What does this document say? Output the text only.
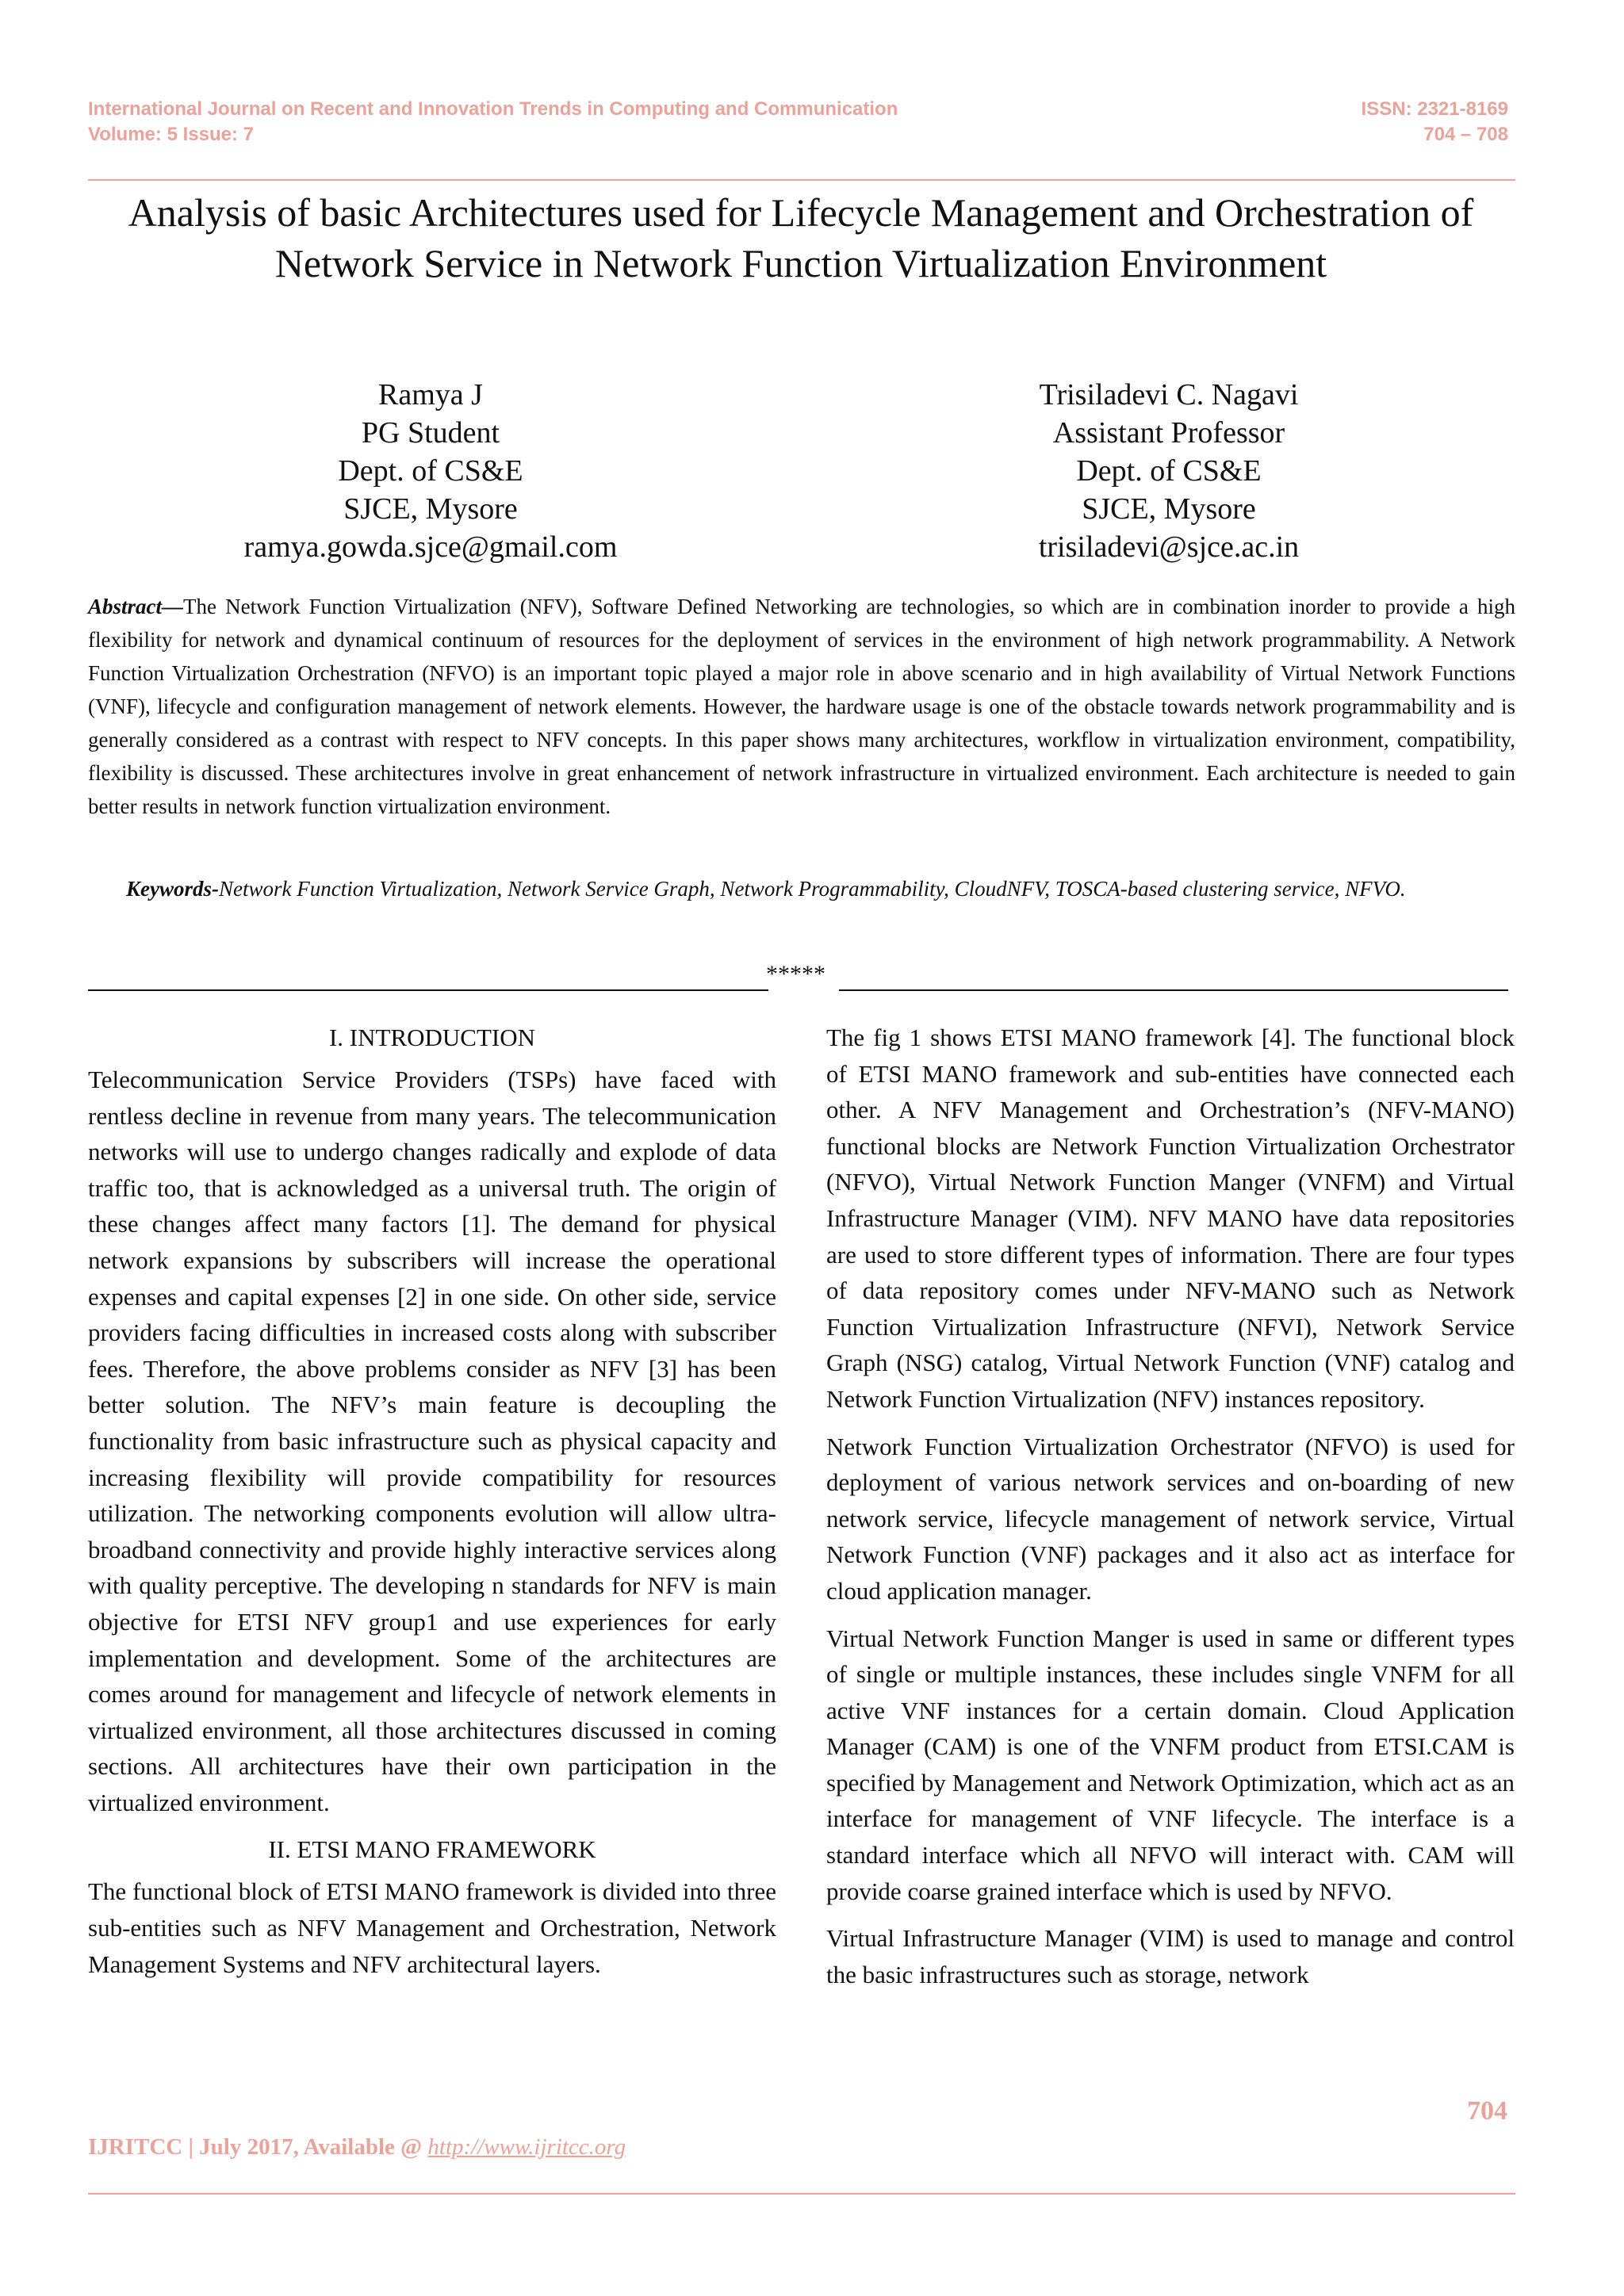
International Journal on Recent and Innovation Trends in Computing and Communication
Volume: 5 Issue: 7
ISSN: 2321-8169
704 – 708
Analysis of basic Architectures used for Lifecycle Management and Orchestration of Network Service in Network Function Virtualization Environment
Ramya J
PG Student
Dept. of CS&E
SJCE, Mysore
ramya.gowda.sjce@gmail.com
Trisiladevi C. Nagavi
Assistant Professor
Dept. of CS&E
SJCE, Mysore
trisiladevi@sjce.ac.in
Abstract—The Network Function Virtualization (NFV), Software Defined Networking are technologies, so which are in combination inorder to provide a high flexibility for network and dynamical continuum of resources for the deployment of services in the environment of high network programmability. A Network Function Virtualization Orchestration (NFVO) is an important topic played a major role in above scenario and in high availability of Virtual Network Functions (VNF), lifecycle and configuration management of network elements. However, the hardware usage is one of the obstacle towards network programmability and is generally considered as a contrast with respect to NFV concepts. In this paper shows many architectures, workflow in virtualization environment, compatibility, flexibility is discussed. These architectures involve in great enhancement of network infrastructure in virtualized environment. Each architecture is needed to gain better results in network function virtualization environment.
Keywords-Network Function Virtualization, Network Service Graph, Network Programmability, CloudNFV, TOSCA-based clustering service, NFVO.
*****
I. INTRODUCTION

Telecommunication Service Providers (TSPs) have faced with rentless decline in revenue from many years. The telecommunication networks will use to undergo changes radically and explode of data traffic too, that is acknowledged as a universal truth. The origin of these changes affect many factors [1]. The demand for physical network expansions by subscribers will increase the operational expenses and capital expenses [2] in one side. On other side, service providers facing difficulties in increased costs along with subscriber fees. Therefore, the above problems consider as NFV [3] has been better solution. The NFV’s main feature is decoupling the functionality from basic infrastructure such as physical capacity and increasing flexibility will provide compatibility for resources utilization. The networking components evolution will allow ultra-broadband connectivity and provide highly interactive services along with quality perceptive. The developing n standards for NFV is main objective for ETSI NFV group1 and use experiences for early implementation and development. Some of the architectures are comes around for management and lifecycle of network elements in virtualized environment, all those architectures discussed in coming sections. All architectures have their own participation in the virtualized environment.

II. ETSI MANO FRAMEWORK

The functional block of ETSI MANO framework is divided into three sub-entities such as NFV Management and Orchestration, Network Management Systems and NFV architectural layers.

The fig 1 shows ETSI MANO framework [4]. The functional block of ETSI MANO framework and sub-entities have connected each other. A NFV Management and Orchestration’s (NFV-MANO) functional blocks are Network Function Virtualization Orchestrator (NFVO), Virtual Network Function Manger (VNFM) and Virtual Infrastructure Manager (VIM). NFV MANO have data repositories are used to store different types of information. There are four types of data repository comes under NFV-MANO such as Network Function Virtualization Infrastructure (NFVI), Network Service Graph (NSG) catalog, Virtual Network Function (VNF) catalog and Network Function Virtualization (NFV) instances repository.

Network Function Virtualization Orchestrator (NFVO) is used for deployment of various network services and on-boarding of new network service, lifecycle management of network service, Virtual Network Function (VNF) packages and it also act as interface for cloud application manager.

Virtual Network Function Manger is used in same or different types of single or multiple instances, these includes single VNFM for all active VNF instances for a certain domain. Cloud Application Manager (CAM) is one of the VNFM product from ETSI.CAM is specified by Management and Network Optimization, which act as an interface for management of VNF lifecycle. The interface is a standard interface which all NFVO will interact with. CAM will provide coarse grained interface which is used by NFVO.

Virtual Infrastructure Manager (VIM) is used to manage and control the basic infrastructures such as storage, network

704
IJRITCC | July 2017, Available @ http://www.ijritcc.org
